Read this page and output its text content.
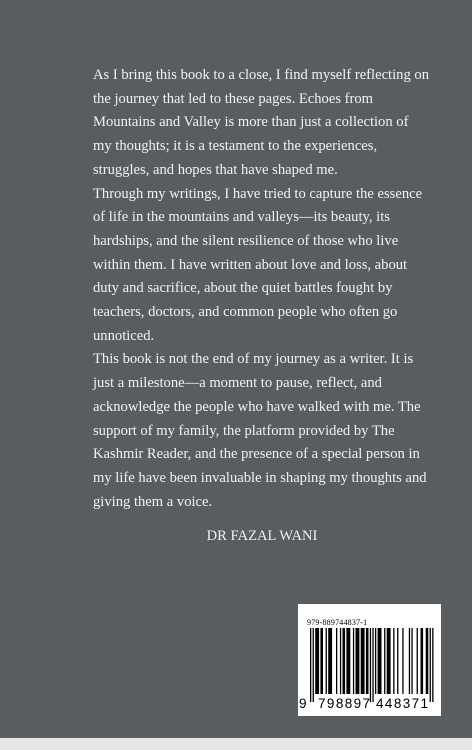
As I bring this book to a close, I find myself reflecting on the journey that led to these pages. Echoes from Mountains and Valley is more than just a collection of my thoughts; it is a testament to the experiences, struggles, and hopes that have shaped me.

Through my writings, I have tried to capture the essence of life in the mountains and valleys—its beauty, its hardships, and the silent resilience of those who live within them. I have written about love and loss, about duty and sacrifice, about the quiet battles fought by teachers, doctors, and common people who often go unnoticed.

This book is not the end of my journey as a writer. It is just a milestone—a moment to pause, reflect, and acknowledge the people who have walked with me. The support of my family, the platform provided by The Kashmir Reader, and the presence of a special person in my life have been invaluable in shaping my thoughts and giving them a voice.

DR FAZAL WANI
979-889744837-1
9 798897 448371
